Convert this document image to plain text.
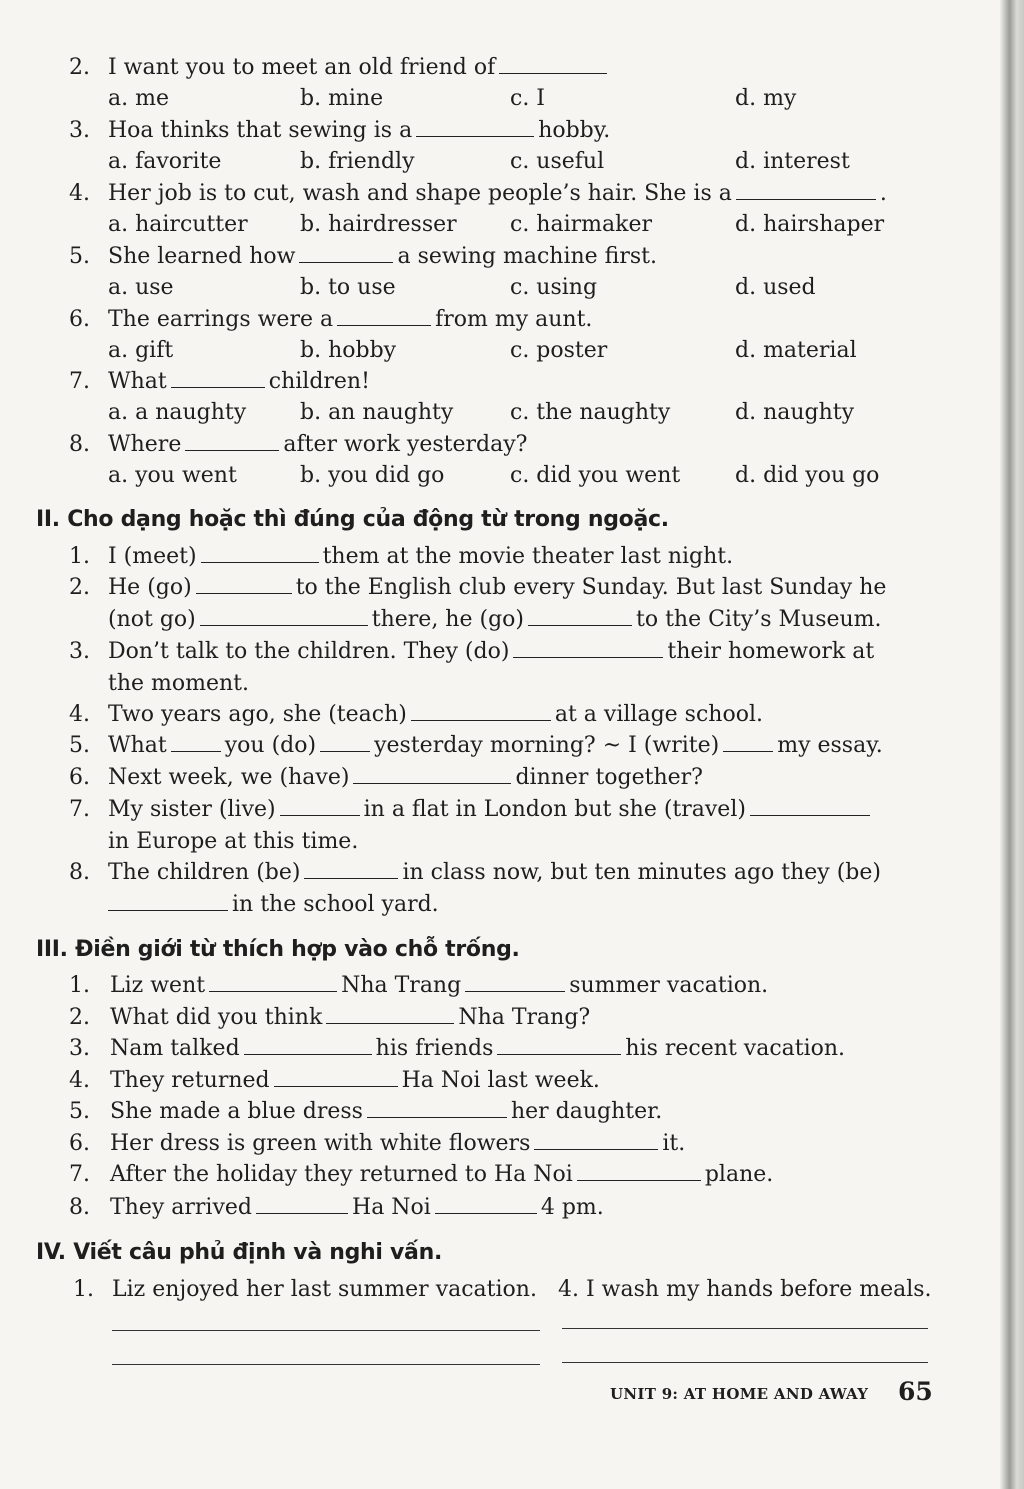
2. I want you to meet an old friend of
a. me	b. mine	c. I	d. my
3. Hoa thinks that sewing is a	hobby.
a. favorite	b. friendly	c. useful	d. interest
4. Her job is to cut, wash and shape people’s hair. She is a	.
a. haircutter b. hairdresser c. hairmaker	d. hairshaper
5. She learned how	a sewing machine first.
a. use	b. to use	c. using	d. used
6. The earrings were a	from my aunt.
a. gift	b. hobby	c. poster	d. material
7. What	children!
a. a naughty b. an naughty	c. the naughty	d. naughty
8. Where	after work yesterday?
a. you went	b. you did go	c. did you went d. did you go
II. Cho dạng hoặc thì đúng của động từ trong ngoặc.
1. I (meet)	them at the movie theater last night.
2. He (go)	to the English club every Sunday. But last Sunday he
(not go)	there, he (go)	to the City’s Museum.
3. Don’t talk to the children. They (do)	their homework at
the moment.
4. Two years ago, she (teach)	at a village school.
5. What	you (do)	yesterday morning? ~ I (write)	my essay.
6. Next week, we (have)	dinner together?
7. My sister (live)	in a flat in London but she (travel)
in Europe at this time.
8. The children (be)	in class now, but ten minutes ago they (be)
in the school yard.
III. Điền giới từ thích hợp vào chỗ trống.
1. Liz went	Nha Trang	summer vacation.
2. What did you think	Nha Trang?
3. Nam talked	his friends	his recent vacation.
4. They returned	Ha Noi last week.
5. She made a blue dress	her daughter.
6. Her dress is green with white flowers	it.
7. After the holiday they returned to Ha Noi	plane.
8. They arrived	Ha Noi	4 pm.
IV. Viết câu phủ định và nghi vấn.
1. Liz enjoyed her last summer vacation. 4. I wash my hands before meals.
UNIT 9: AT HOME AND AWAY 65
